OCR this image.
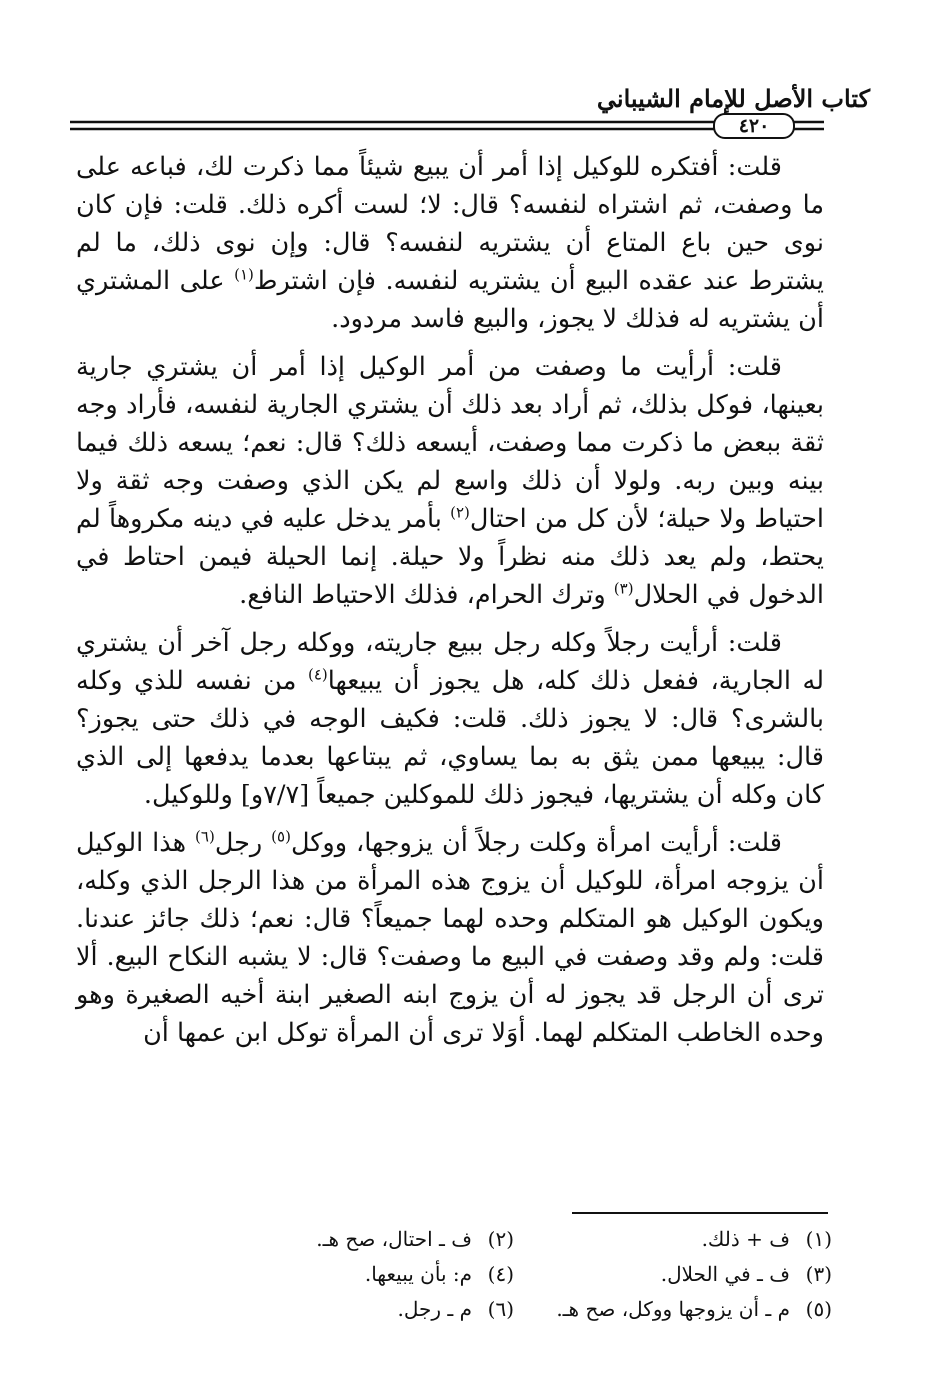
كتاب الأصل للإمام الشيباني
٤٢٠

قلت: أفتكره للوكيل إذا أمر أن يبيع شيئاً مما ذكرت لك، فباعه على ما وصفت، ثم اشتراه لنفسه؟ قال: لا؛ لست أكره ذلك. قلت: فإن كان نوى حين باع المتاع أن يشتريه لنفسه؟ قال: وإن نوى ذلك، ما لم يشترط عند عقده البيع أن يشتريه لنفسه. فإن اشترط$^{(١)}$ على المشتري أن يشتريه له فذلك لا يجوز، والبيع فاسد مردود.

قلت: أرأيت ما وصفت من أمر الوكيل إذا أمر أن يشتري جارية بعينها، فوكل بذلك، ثم أراد بعد ذلك أن يشتري الجارية لنفسه، فأراد وجه ثقة ببعض ما ذكرت مما وصفت، أيسعه ذلك؟ قال: نعم؛ يسعه ذلك فيما بينه وبين ربه. ولولا أن ذلك واسع لم يكن الذي وصفت وجه ثقة ولا احتياط ولا حيلة؛ لأن كل من احتال$^{(٢)}$ بأمر يدخل عليه في دينه مكروهاً لم يحتط، ولم يعد ذلك منه نظراً ولا حيلة. إنما الحيلة فيمن احتاط في الدخول في الحلال$^{(٣)}$ وترك الحرام، فذلك الاحتياط النافع.

قلت: أرأيت رجلاً وكله رجل ببيع جاريته، ووكله رجل آخر أن يشتري له الجارية، ففعل ذلك كله، هل يجوز أن يبيعها$^{(٤)}$ من نفسه للذي وكله بالشرى؟ قال: لا يجوز ذلك. قلت: فكيف الوجه في ذلك حتى يجوز؟ قال: يبيعها ممن يثق به بما يساوي، ثم يبتاعها بعدما يدفعها إلى الذي كان وكله أن يشتريها، فيجوز ذلك للموكلين جميعاً [٧/٧و] وللوكيل.

قلت: أرأيت امرأة وكلت رجلاً أن يزوجها، ووكل$^{(٥)}$ رجل$^{(٦)}$ هذا الوكيل أن يزوجه امرأة، للوكيل أن يزوج هذه المرأة من هذا الرجل الذي وكله، ويكون الوكيل هو المتكلم وحده لهما جميعاً؟ قال: نعم؛ ذلك جائز عندنا. قلت: ولم وقد وصفت في البيع ما وصفت؟ قال: لا يشبه النكاح البيع. ألا ترى أن الرجل قد يجوز له أن يزوج ابنه الصغير ابنة أخيه الصغيرة وهو وحده الخاطب المتكلم لهما. أوَلا ترى أن المرأة توكل ابن عمها أن

(١)ف + ذلك.
(٢)ف ـ احتال، صح هـ.
(٣)ف ـ في الحلال.
(٤)م: بأن يبيعها.
(٥)م ـ أن يزوجها ووكل، صح هـ.
(٦)م ـ رجل.
